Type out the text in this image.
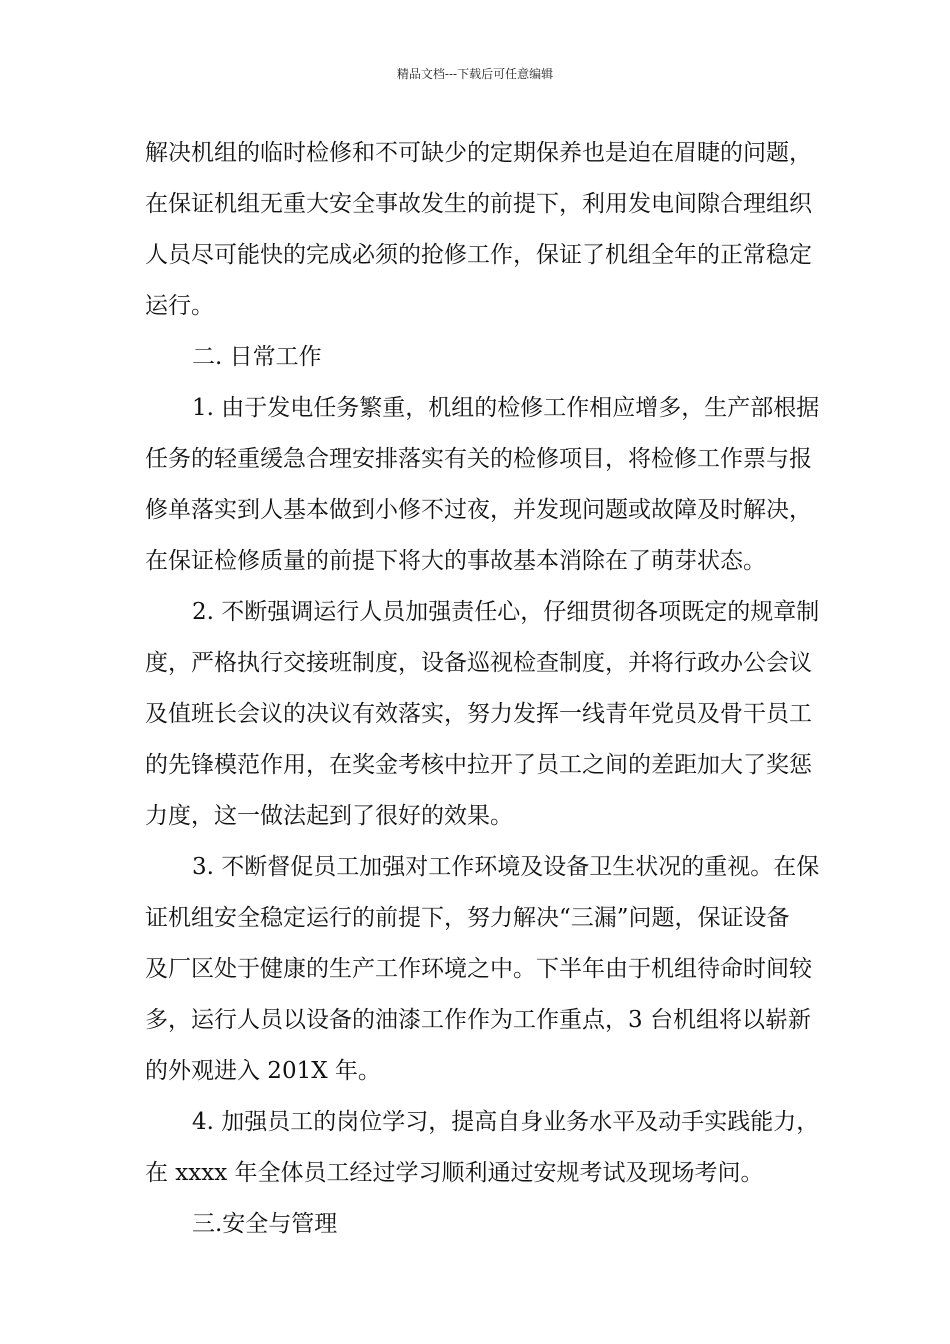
精品文档---下载后可任意编辑
解决机组的临时检修和不可缺少的定期保养也是迫在眉睫的问题，
在保证机组无重大安全事故发生的前提下，利用发电间隙合理组织
人员尽可能快的完成必须的抢修工作，保证了机组全年的正常稳定
运行。
二. 日常工作
1. 由于发电任务繁重，机组的检修工作相应增多，生产部根据
任务的轻重缓急合理安排落实有关的检修项目，将检修工作票与报
修单落实到人基本做到小修不过夜，并发现问题或故障及时解决，
在保证检修质量的前提下将大的事故基本消除在了萌芽状态。
2. 不断强调运行人员加强责任心，仔细贯彻各项既定的规章制
度，严格执行交接班制度，设备巡视检查制度，并将行政办公会议
及值班长会议的决议有效落实，努力发挥一线青年党员及骨干员工
的先锋模范作用，在奖金考核中拉开了员工之间的差距加大了奖惩
力度，这一做法起到了很好的效果。
3. 不断督促员工加强对工作环境及设备卫生状况的重视。在保
证机组安全稳定运行的前提下，努力解决“三漏”问题，保证设备
及厂区处于健康的生产工作环境之中。下半年由于机组待命时间较
多，运行人员以设备的油漆工作作为工作重点，3 台机组将以崭新
的外观进入 201X 年。
4. 加强员工的岗位学习，提高自身业务水平及动手实践能力，
在 xxxx 年全体员工经过学习顺利通过安规考试及现场考问。
三.安全与管理
